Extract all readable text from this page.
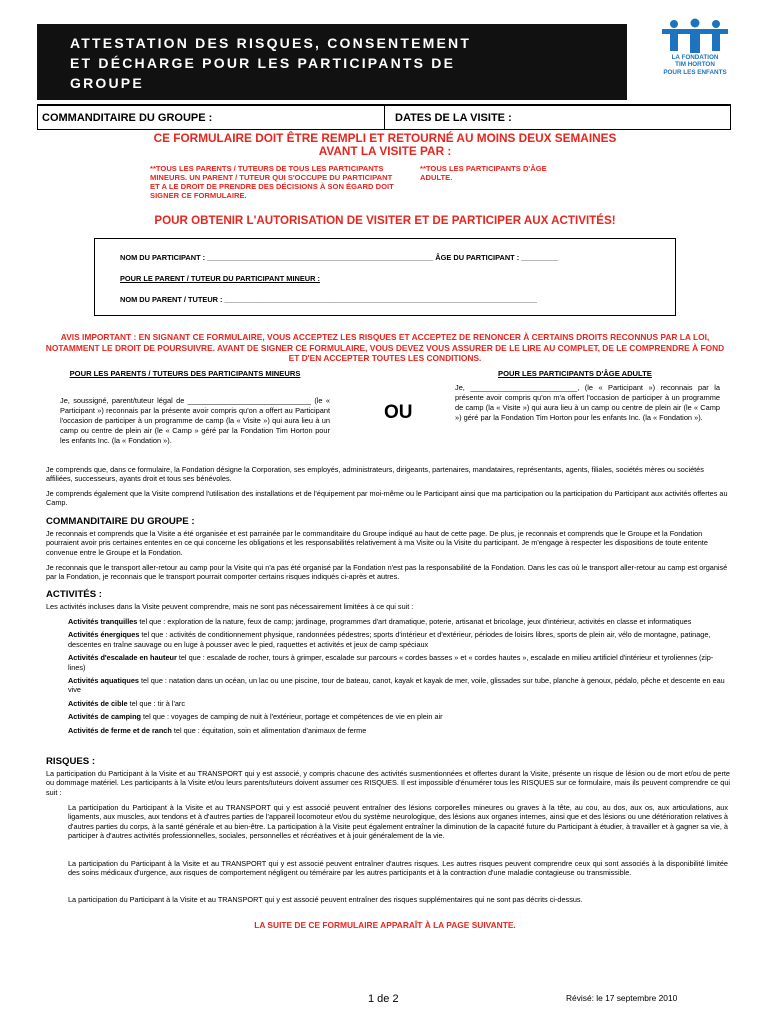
ATTESTATION DES RISQUES, CONSENTEMENT
ET DÉCHARGE POUR LES PARTICIPANTS DE
GROUPE
LA FONDATION
TIM HORTON
POUR LES ENFANTS
COMMANDITAIRE DU GROUPE :	DATES DE LA VISITE :
CE FORMULAIRE DOIT ÊTRE REMPLI ET RETOURNÉ AU MOINS DEUX SEMAINES AVANT LA VISITE PAR :
**TOUS LES PARENTS / TUTEURS DE TOUS LES PARTICIPANTS MINEURS. UN PARENT / TUTEUR QUI S'OCCUPE DU PARTICIPANT ET A LE DROIT DE PRENDRE DES DÉCISIONS À SON ÉGARD DOIT SIGNER CE FORMULAIRE.
**TOUS LES PARTICIPANTS D'ÂGE ADULTE.
POUR OBTENIR L'AUTORISATION DE VISITER ET DE PARTICIPER AUX ACTIVITÉS!
NOM DU PARTICIPANT : _______________________________________________________ ÂGE DU PARTICIPANT : _________
POUR LE PARENT / TUTEUR DU PARTICIPANT MINEUR :
NOM DU PARENT / TUTEUR : ____________________________________________________________________________
AVIS IMPORTANT : EN SIGNANT CE FORMULAIRE, VOUS ACCEPTEZ LES RISQUES ET ACCEPTEZ DE RENONCER À CERTAINS DROITS RECONNUS PAR LA LOI, NOTAMMENT LE DROIT DE POURSUIVRE. AVANT DE SIGNER CE FORMULAIRE, VOUS DEVEZ VOUS ASSURER DE LE LIRE AU COMPLET, DE LE COMPRENDRE À FOND ET D'EN ACCEPTER TOUTES LES CONDITIONS.
POUR LES PARENTS / TUTEURS DES PARTICIPANTS MINEURS
Je, soussigné, parent/tuteur légal de ______________________________ (le « Participant ») reconnais par la présente avoir compris qu'on a offert au Participant l'occasion de participer à un programme de camp (la « Visite ») qui aura lieu à un camp ou centre de plein air (le « Camp » géré par la Fondation Tim Horton pour les enfants Inc. (la « Fondation »).
OU
POUR LES PARTICIPANTS D'ÂGE ADULTE
Je, __________________________, (le « Participant ») reconnais par la présente avoir compris qu'on m'a offert l'occasion de participer à un programme de camp (la « Visite ») qui aura lieu à un camp ou centre de plein air (le « Camp ») géré par la Fondation Tim Horton pour les enfants Inc. (la « Fondation »).
Je comprends que, dans ce formulaire, la Fondation désigne la Corporation, ses employés, administrateurs, dirigeants, partenaires, mandataires, représentants, agents, filiales, sociétés mères ou sociétés affiliées, successeurs, ayants droit et tous ses bénévoles.
Je comprends également que la Visite comprend l'utilisation des installations et de l'équipement par moi-même ou le Participant ainsi que ma participation ou la participation du Participant aux activités offertes au Camp.
COMMANDITAIRE DU GROUPE :
Je reconnais et comprends que la Visite a été organisée et est parrainée par le commanditaire du Groupe indiqué au haut de cette page. De plus, je reconnais et comprends que le Groupe et la Fondation pourraient avoir pris certaines ententes en ce qui concerne les obligations et les responsabilités relativement à ma Visite ou la Visite du participant. Je m'engage à respecter les dispositions de toute entente convenue entre le Groupe et la Fondation.
Je reconnais que le transport aller-retour au camp pour la Visite qui n'a pas été organisé par la Fondation n'est pas la responsabilité de la Fondation. Dans les cas où le transport aller-retour au camp est organisé par la Fondation, je reconnais que le transport pourrait comporter certains risques indiqués ci-après et autres.
ACTIVITÉS :
Les activités incluses dans la Visite peuvent comprendre, mais ne sont pas nécessairement limitées à ce qui suit :
Activités tranquilles tel que : exploration de la nature, feux de camp; jardinage, programmes d'art dramatique, poterie, artisanat et bricolage, jeux d'intérieur, activités en classe et informatiques
Activités énergiques tel que : activités de conditionnement physique, randonnées pédestres; sports d'intérieur et d'extérieur, périodes de loisirs libres, sports de plein air, vélo de montagne, patinage, descentes en traîne sauvage ou en luge à pousser avec le pied, raquettes et activités et jeux de camp spéciaux
Activités d'escalade en hauteur tel que : escalade de rocher, tours à grimper, escalade sur parcours « cordes basses » et « cordes hautes », escalade en milieu artificiel d'intérieur et tyroliennes (zip-lines)
Activités aquatiques tel que : natation dans un océan, un lac ou une piscine, tour de bateau, canot, kayak et kayak de mer, voile, glissades sur tube, planche à genoux, pédalo, pêche et descente en eau vive
Activités de cible tel que : tir à l'arc
Activités de camping tel que : voyages de camping de nuit à l'extérieur, portage et compétences de vie en plein air
Activités de ferme et de ranch tel que : équitation, soin et alimentation d'animaux de ferme
RISQUES :
La participation du Participant à la Visite et au TRANSPORT qui y est associé, y compris chacune des activités susmentionnées et offertes durant la Visite, présente un risque de lésion ou de mort et/ou de perte ou dommage matériel. Les participants à la Visite et/ou leurs parents/tuteurs doivent assumer ces RISQUES. Il est impossible d'énumérer tous les RISQUES sur ce formulaire, mais ils peuvent comprendre ce qui suit :
La participation du Participant à la Visite et au TRANSPORT qui y est associé peuvent entraîner des lésions corporelles mineures ou graves à la tête, au cou, au dos, aux os, aux articulations, aux ligaments, aux muscles, aux tendons et à d'autres parties de l'appareil locomoteur et/ou du système neurologique, des lésions aux organes internes, ainsi que et des lésions ou une détérioration relatives à d'autres parties du corps, à la santé générale et au bien-être. La participation à la Visite peut également entraîner la diminution de la capacité future du Participant à étudier, à travailler et à gagner sa vie, à participer à d'autres activités professionnelles, sociales, personnelles et récréatives et à jouir généralement de la vie.
La participation du Participant à la Visite et au TRANSPORT qui y est associé peuvent entraîner d'autres risques. Les autres risques peuvent comprendre ceux qui sont associés à la disponibilité limitée des soins médicaux d'urgence, aux risques de comportement négligent ou téméraire par les autres participants et à la contraction d'une maladie contagieuse ou transmissible.
La participation du Participant à la Visite et au TRANSPORT qui y est associé peuvent entraîner des risques supplémentaires qui ne sont pas décrits ci-dessus.
LA SUITE DE CE FORMULAIRE APPARAÎT À LA PAGE SUIVANTE.
1 de 2	Révisé: le 17 septembre 2010
